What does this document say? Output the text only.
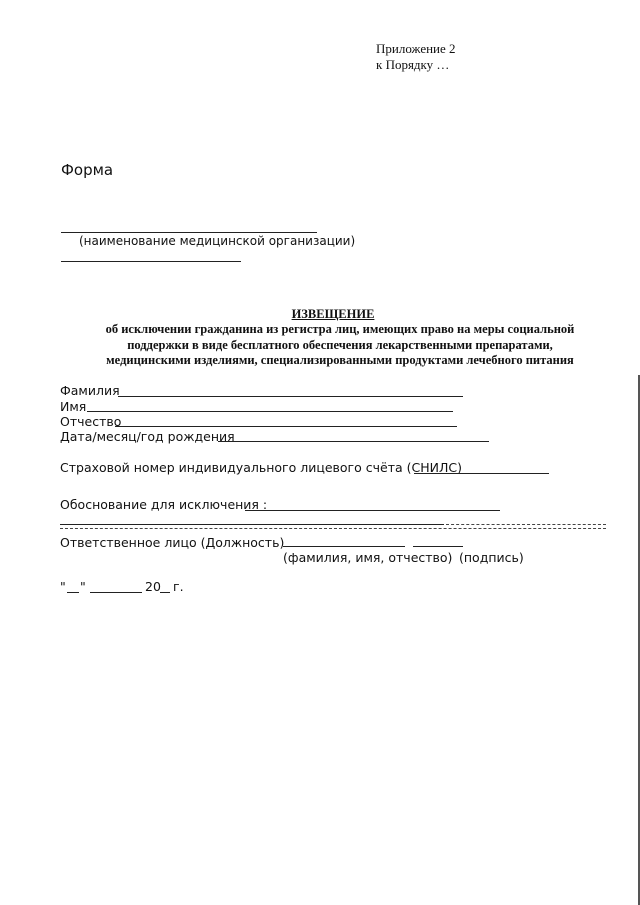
Приложение 2
к Порядку …
Форма
(наименование медицинской организации)
ИЗВЕЩЕНИЕ
об исключении гражданина из регистра лиц, имеющих право на меры социальной
поддержки в виде бесплатного обеспечения лекарственными препаратами,
медицинскими изделиями, специализированными продуктами лечебного питания
Фамилия
Имя
Отчество
Дата/месяц/год рождения
Страховой номер индивидуального лицевого счёта (СНИЛС)
Обоснование для исключения :
Ответственное лицо (Должность)
(фамилия, имя, отчество) (подпись)
" "	20 г.
